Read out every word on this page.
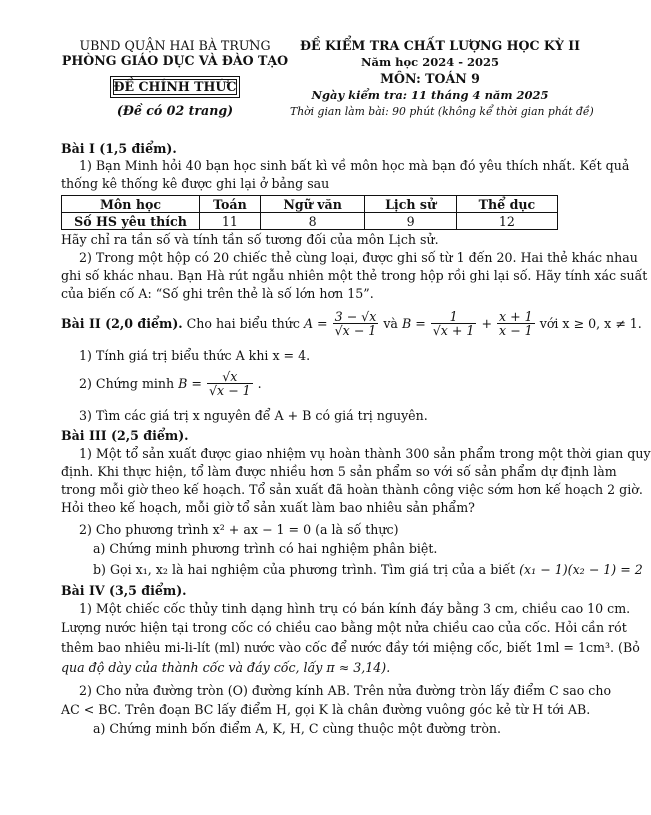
UBND QUẬN HAI BÀ TRƯNG
PHÒNG GIÁO DỤC VÀ ĐÀO TẠO
ĐỀ CHÍNH THỨC
(Đề có 02 trang)
ĐỀ KIỂM TRA CHẤT LƯỢNG HỌC KỲ II
Năm học 2024 - 2025
MÔN: TOÁN 9
Ngày kiểm tra: 11 tháng 4 năm 2025
Thời gian làm bài: 90 phút (không kể thời gian phát đề)
Bài I (1,5 điểm).
1) Bạn Minh hỏi 40 bạn học sinh bất kì về môn học mà bạn đó yêu thích nhất. Kết quả
thống kê thống kê được ghi lại ở bảng sau
Môn học	Toán	Ngữ văn	Lịch sử	Thể dục
Số HS yêu thích	11	8	9	12
Hãy chỉ ra tần số và tính tần số tương đối của môn Lịch sử.
2) Trong một hộp có 20 chiếc thẻ cùng loại, được ghi số từ 1 đến 20. Hai thẻ khác nhau
ghi số khác nhau. Bạn Hà rút ngẫu nhiên một thẻ trong hộp rồi ghi lại số. Hãy tính xác suất
của biến cố A: “Số ghi trên thẻ là số lớn hơn 15”.
Bài II (2,0 điểm). Cho hai biểu thức $A = \frac{3 - √x}{√x - 1}$ và $B = \frac{1}{√x + 1} + \frac{x + 1}{x - 1}$ với x ≥ 0, x ≠ 1.
1) Tính giá trị biểu thức A khi x = 4.
2) Chứng minh $B = \frac{√x}{√x - 1}$ .
3) Tìm các giá trị x nguyên để A + B có giá trị nguyên.
Bài III (2,5 điểm).
1) Một tổ sản xuất được giao nhiệm vụ hoàn thành 300 sản phẩm trong một thời gian quy
định. Khi thực hiện, tổ làm được nhiều hơn 5 sản phẩm so với số sản phẩm dự định làm
trong mỗi giờ theo kế hoạch. Tổ sản xuất đã hoàn thành công việc sớm hơn kế hoạch 2 giờ.
Hỏi theo kế hoạch, mỗi giờ tổ sản xuất làm bao nhiêu sản phẩm?
2) Cho phương trình x² + ax − 1 = 0 (a là số thực)
a) Chứng minh phương trình có hai nghiệm phân biệt.
b) Gọi x₁, x₂ là hai nghiệm của phương trình. Tìm giá trị của a biết (x₁ − 1)(x₂ − 1) = 2
Bài IV (3,5 điểm).
1) Một chiếc cốc thủy tinh dạng hình trụ có bán kính đáy bằng 3 cm, chiều cao 10 cm.
Lượng nước hiện tại trong cốc có chiều cao bằng một nửa chiều cao của cốc. Hỏi cần rót
thêm bao nhiêu mi-li-lít (ml) nước vào cốc để nước đầy tới miệng cốc, biết 1ml = 1cm³. (Bỏ
qua độ dày của thành cốc và đáy cốc, lấy π ≈ 3,14).
2) Cho nửa đường tròn (O) đường kính AB. Trên nửa đường tròn lấy điểm C sao cho
AC < BC. Trên đoạn BC lấy điểm H, gọi K là chân đường vuông góc kẻ từ H tới AB.
a) Chứng minh bốn điểm A, K, H, C cùng thuộc một đường tròn.
